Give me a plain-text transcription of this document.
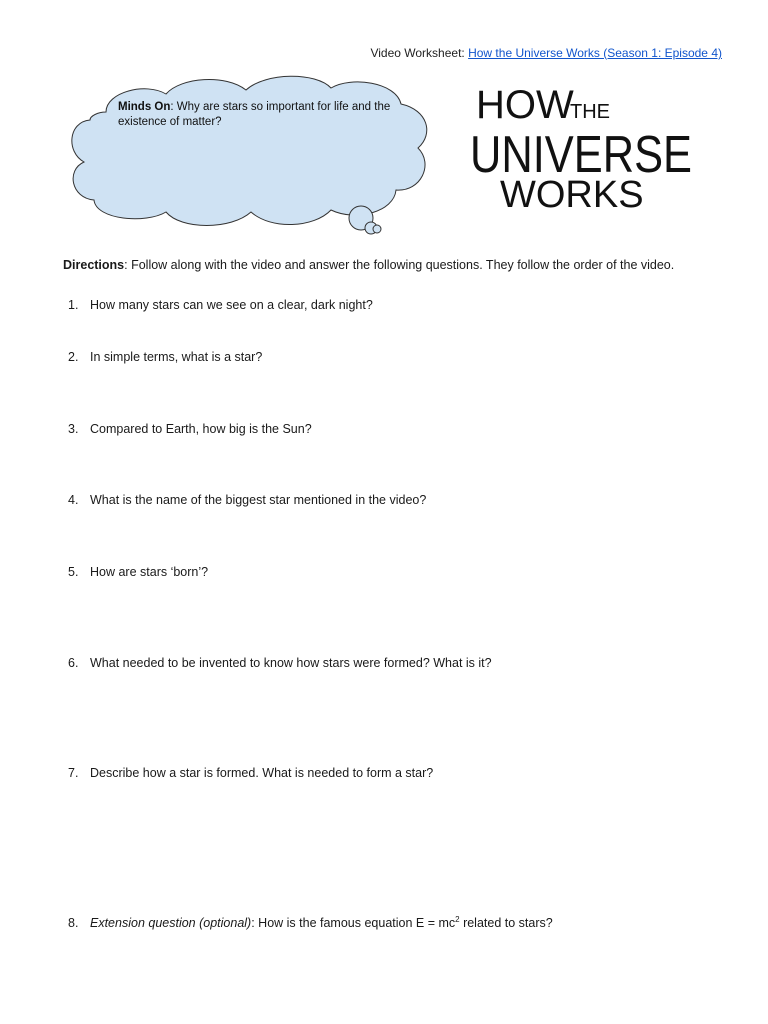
Video Worksheet: How the Universe Works (Season 1: Episode 4)
Minds On: Why are stars so important for life and the existence of matter?	HOW
THE
UNIVERSE
WORKS
Directions: Follow along with the video and answer the following questions. They follow the order of the video.
1. How many stars can we see on a clear, dark night?
2. In simple terms, what is a star?
3. Compared to Earth, how big is the Sun?
4. What is the name of the biggest star mentioned in the video?
5. How are stars ‘born’?
6. What needed to be invented to know how stars were formed? What is it?
7. Describe how a star is formed. What is needed to form a star?
8. Extension question (optional): How is the famous equation $E = mc^2$ related to stars?
